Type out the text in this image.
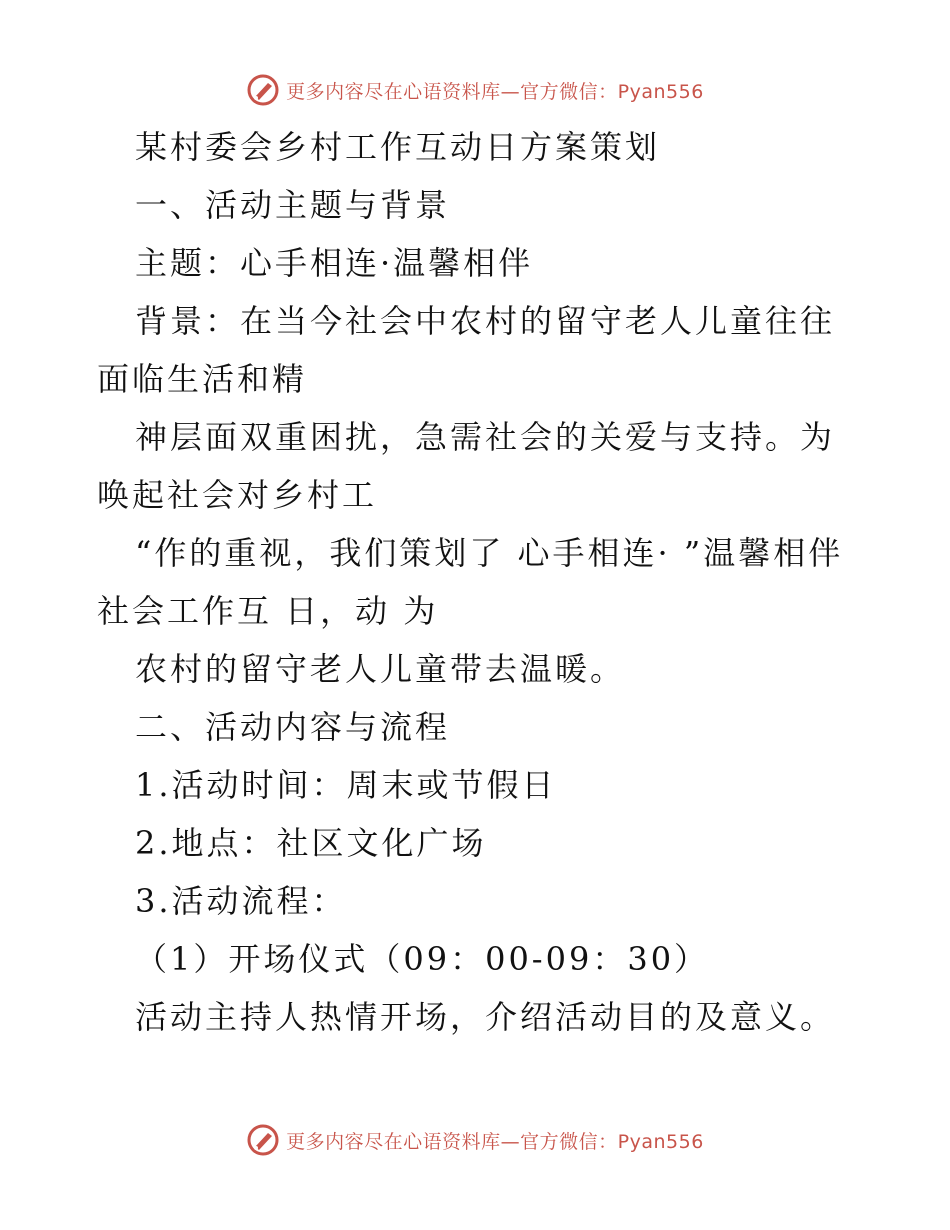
更多内容尽在心语资料库—官方微信：Pyan556
某村委会乡村工作互动日方案策划
一、活动主题与背景
主题：心手相连·温馨相伴
背景：在当今社会中农村的留守老人儿童往往面临生活和精
神层面双重困扰，急需社会的关爱与支持。为唤起社会对乡村工
“作的重视，我们策划了 心手相连· ”温馨相伴 社会工作互 日，动 为
农村的留守老人儿童带去温暖。
二、活动内容与流程
1.活动时间：周末或节假日
2.地点：社区文化广场
3.活动流程：
（1）开场仪式（09：00-09：30）
活动主持人热情开场，介绍活动目的及意义。
更多内容尽在心语资料库—官方微信：Pyan556
